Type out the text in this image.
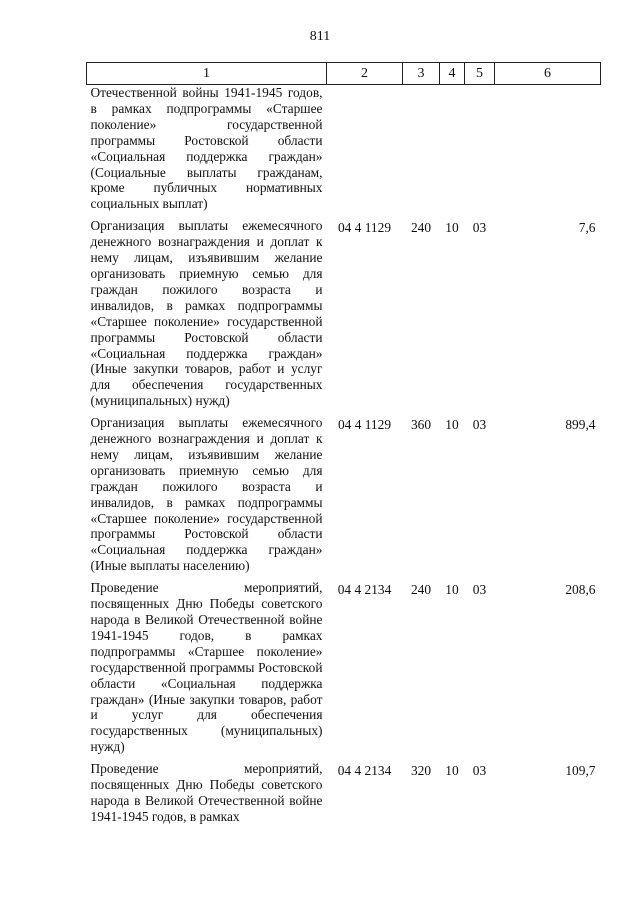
811
1	2	3	4	5	6
Отечественной войны 1941-1945 годов, в рамках подпрограммы «Старшее поколение» государственной программы Ростовской области «Социальная поддержка граждан» (Социальные выплаты гражданам, кроме публичных нормативных социальных выплат)					
Организация выплаты ежемесячного денежного вознаграждения и доплат к нему лицам, изъявившим желание организовать приемную семью для граждан пожилого возраста и инвалидов, в рамках подпрограммы «Старшее поколение» государственной программы Ростовской области «Социальная поддержка граждан» (Иные закупки товаров, работ и услуг для обеспечения государственных (муниципальных) нужд)	04 4 1129	240	10	03	7,6
Организация выплаты ежемесячного денежного вознаграждения и доплат к нему лицам, изъявившим желание организовать приемную семью для граждан пожилого возраста и инвалидов, в рамках подпрограммы «Старшее поколение» государственной программы Ростовской области «Социальная поддержка граждан» (Иные выплаты населению)	04 4 1129	360	10	03	899,4
Проведение мероприятий, посвященных Дню Победы советского народа в Великой Отечественной войне 1941-1945 годов, в рамках подпрограммы «Старшее поколение» государственной программы Ростовской области «Социальная поддержка граждан» (Иные закупки товаров, работ и услуг для обеспечения государственных (муниципальных) нужд)	04 4 2134	240	10	03	208,6
Проведение мероприятий, посвященных Дню Победы советского народа в Великой Отечественной войне 1941-1945 годов, в рамках	04 4 2134	320	10	03	109,7
